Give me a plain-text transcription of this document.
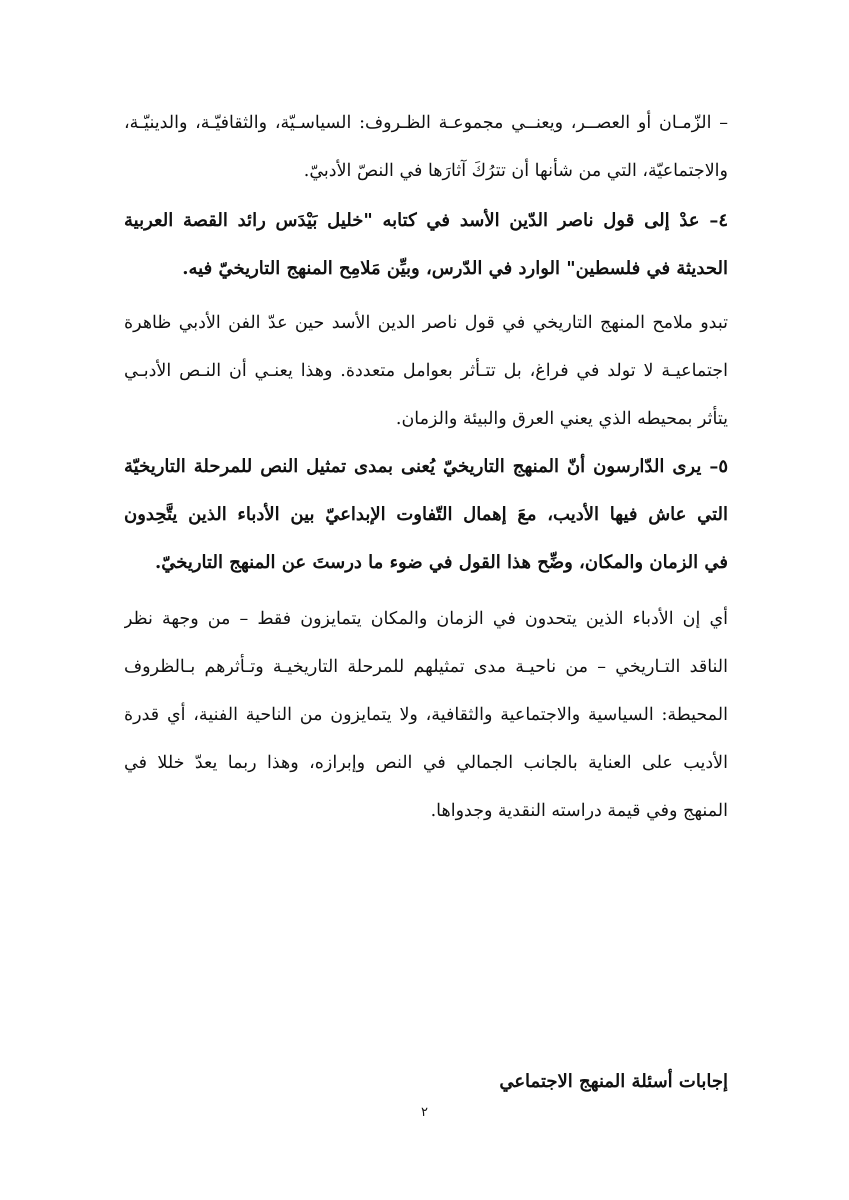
– الزّمـان أو العصــر، ويعنــي مجموعـة الظـروف: السياسـيّة، والثقافيّـة، والدينيّـة،
والاجتماعيّة، التي من شأنها أن تترُكَ آثارَها في النصّ الأدبيّ.
٤– عدْ إلى قول ناصر الدّين الأسد في كتابه "خليل بَيْدَس رائد القصة العربية
الحديثة في فلسطين" الوارد في الدّرس، وبيِّن مَلامِح المنهج التاريخيّ فيه.
تبدو ملامح المنهج التاريخي في قول ناصر الدين الأسد حين عدّ الفن الأدبي ظاهرة
اجتماعيـة لا تولد في فراغ، بل تتـأثر بعوامل متعددة. وهذا يعنـي أن النـص الأدبـي
يتأثر بمحيطه الذي يعني العرق والبيئة والزمان.
٥– يرى الدّارسون أنّ المنهج التاريخيّ يُعنى بمدى تمثيل النص للمرحلة التاريخيّة
التي عاش فيها الأديب، معَ إهمال التّفاوت الإبداعيّ بين الأدباء الذين يتَّحِدون
في الزمان والمكان، وضِّح هذا القول في ضوء ما درستَ عن المنهج التاريخيّ.
أي إن الأدباء الذين يتحدون في الزمان والمكان يتمايزون فقط – من وجهة نظر
الناقد التـاريخي – من ناحيـة مدى تمثيلهم للمرحلة التاريخيـة وتـأثرهم بـالظروف
المحيطة: السياسية والاجتماعية والثقافية، ولا يتمايزون من الناحية الفنية، أي قدرة
الأديب على العناية بالجانب الجمالي في النص وإبرازه، وهذا ربما يعدّ خللا في
المنهج وفي قيمة دراسته النقدية وجدواها.
إجابات أسئلة المنهج الاجتماعي
٢
